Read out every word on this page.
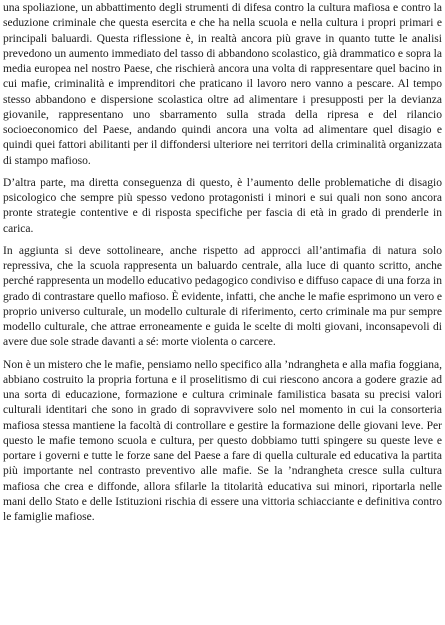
una spoliazione, un abbattimento degli strumenti di difesa contro la cultura mafiosa e contro la seduzione criminale che questa esercita e che ha nella scuola e nella cultura i propri primari e principali baluardi. Questa riflessione è, in realtà ancora più grave in quanto tutte le analisi prevedono un aumento immediato del tasso di abbandono scolastico, già drammatico e sopra la media europea nel nostro Paese, che rischierà ancora una volta di rappresentare quel bacino in cui mafie, criminalità e imprenditori che praticano il lavoro nero vanno a pescare. Al tempo stesso abbandono e dispersione scolastica oltre ad alimentare i presupposti per la devianza giovanile, rappresentano uno sbarramento sulla strada della ripresa e del rilancio socioeconomico del Paese, andando quindi ancora una volta ad alimentare quel disagio e quindi quei fattori abilitanti per il diffondersi ulteriore nei territori della criminalità organizzata di stampo mafioso.

D’altra parte, ma diretta conseguenza di questo, è l’aumento delle problematiche di disagio psicologico che sempre più spesso vedono protagonisti i minori e sui quali non sono ancora pronte strategie contentive e di risposta specifiche per fascia di età in grado di prenderle in carica.

In aggiunta si deve sottolineare, anche rispetto ad approcci all’antimafia di natura solo repressiva, che la scuola rappresenta un baluardo centrale, alla luce di quanto scritto, anche perché rappresenta un modello educativo pedagogico condiviso e diffuso capace di una forza in grado di contrastare quello mafioso. È evidente, infatti, che anche le mafie esprimono un vero e proprio universo culturale, un modello culturale di riferimento, certo criminale ma pur sempre modello culturale, che attrae erroneamente e guida le scelte di molti giovani, inconsapevoli di avere due sole strade davanti a sé: morte violenta o carcere.

Non è un mistero che le mafie, pensiamo nello specifico alla ’ndrangheta e alla mafia foggiana, abbiano costruito la propria fortuna e il proselitismo di cui riescono ancora a godere grazie ad una sorta di educazione, formazione e cultura criminale familistica basata su precisi valori culturali identitari che sono in grado di sopravvivere solo nel momento in cui la consorteria mafiosa stessa mantiene la facoltà di controllare e gestire la formazione delle giovani leve. Per questo le mafie temono scuola e cultura, per questo dobbiamo tutti spingere su queste leve e portare i governi e tutte le forze sane del Paese a fare di quella culturale ed educativa la partita più importante nel contrasto preventivo alle mafie. Se la ’ndrangheta cresce sulla cultura mafiosa che crea e diffonde, allora sfilarle la titolarità educativa sui minori, riportarla nelle mani dello Stato e delle Istituzioni rischia di essere una vittoria schiacciante e definitiva contro le famiglie mafiose.
